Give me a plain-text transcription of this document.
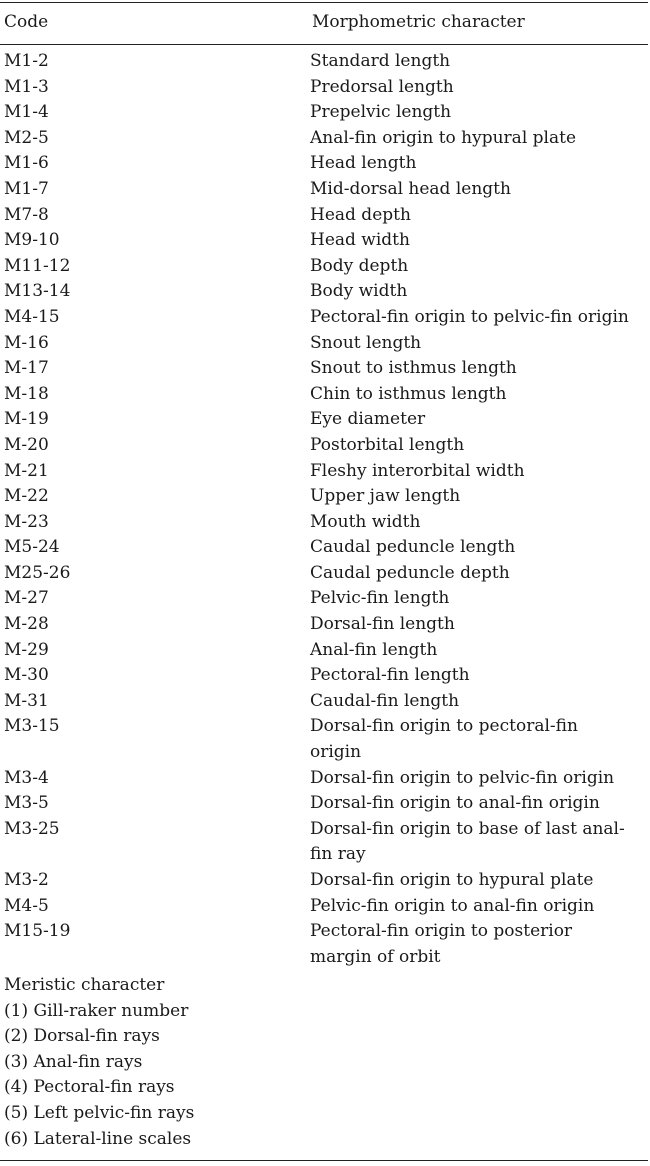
Code	Morphometric character
M1-2	Standard length
M1-3	Predorsal length
M1-4	Prepelvic length
M2-5	Anal-fin origin to hypural plate
M1-6	Head length
M1-7	Mid-dorsal head length
M7-8	Head depth
M9-10	Head width
M11-12	Body depth
M13-14	Body width
M4-15	Pectoral-fin origin to pelvic-fin origin
M-16	Snout length
M-17	Snout to isthmus length
M-18	Chin to isthmus length
M-19	Eye diameter
M-20	Postorbital length
M-21	Fleshy interorbital width
M-22	Upper jaw length
M-23	Mouth width
M5-24	Caudal peduncle length
M25-26	Caudal peduncle depth
M-27	Pelvic-fin length
M-28	Dorsal-fin length
M-29	Anal-fin length
M-30	Pectoral-fin length
M-31	Caudal-fin length
M3-15	Dorsal-fin origin to pectoral-fin origin
M3-4	Dorsal-fin origin to pelvic-fin origin
M3-5	Dorsal-fin origin to anal-fin origin
M3-25	Dorsal-fin origin to base of last anal-fin ray
M3-2	Dorsal-fin origin to hypural plate
M4-5	Pelvic-fin origin to anal-fin origin
M15-19	Pectoral-fin origin to posterior margin of orbit
Meristic character
(1) Gill-raker number
(2) Dorsal-fin rays
(3) Anal-fin rays
(4) Pectoral-fin rays
(5) Left pelvic-fin rays
(6) Lateral-line scales
